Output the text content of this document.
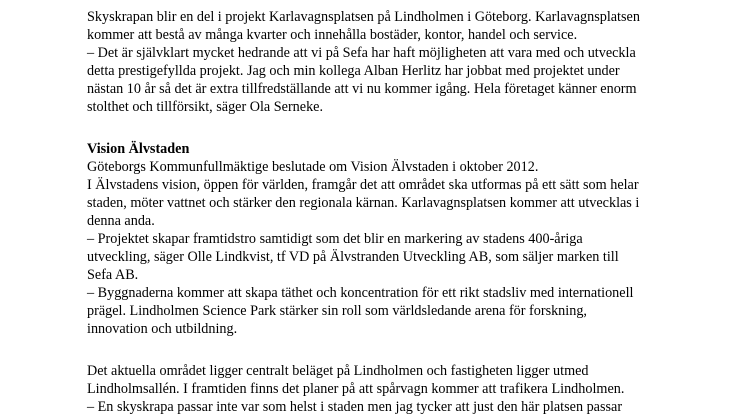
Skyskrapan blir en del i projekt Karlavagnsplatsen på Lindholmen i Göteborg. Karlavagnsplatsen
kommer att bestå av många kvarter och innehålla bostäder, kontor, handel och service.
– Det är självklart mycket hedrande att vi på Sefa har haft möjligheten att vara med och utveckla
detta prestigefyllda projekt. Jag och min kollega Alban Herlitz har jobbat med projektet under
nästan 10 år så det är extra tillfredställande att vi nu kommer igång. Hela företaget känner enorm
stolthet och tillförsikt, säger Ola Serneke.
Vision Älvstaden
Göteborgs Kommunfullmäktige beslutade om Vision Älvstaden i oktober 2012.
I Älvstadens vision, öppen för världen, framgår det att området ska utformas på ett sätt som helar
staden, möter vattnet och stärker den regionala kärnan. Karlavagnsplatsen kommer att utvecklas i
denna anda.
– Projektet skapar framtidstro samtidigt som det blir en markering av stadens 400-åriga
utveckling, säger Olle Lindkvist, tf VD på Älvstranden Utveckling AB, som säljer marken till
Sefa AB.
– Byggnaderna kommer att skapa täthet och koncentration för ett rikt stadsliv med internationell
prägel. Lindholmen Science Park stärker sin roll som världsledande arena för forskning,
innovation och utbildning.
Det aktuella området ligger centralt beläget på Lindholmen och fastigheten ligger utmed
Lindholmsallén. I framtiden finns det planer på att spårvagn kommer att trafikera Lindholmen.
– En skyskrapa passar inte var som helst i staden men jag tycker att just den här platsen passar
